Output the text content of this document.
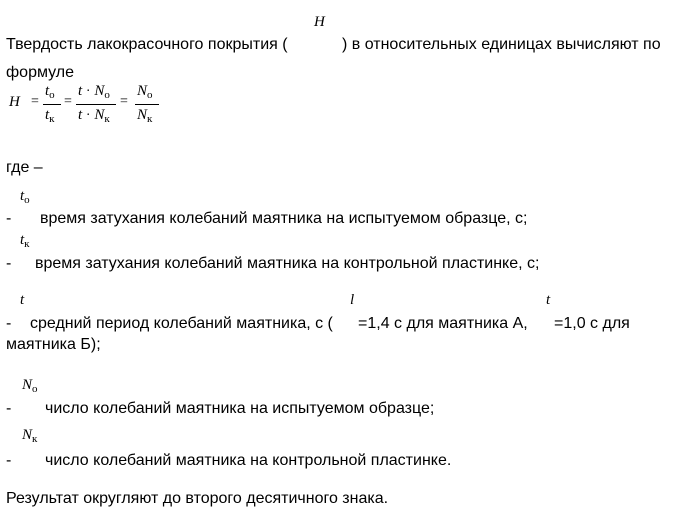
Твердость лакокрасочного покрытия (
H
) в относительных единицах вычисляют по
формуле
H =
$t_o$
$t_к$
=
$t \cdot N_o$
$t \cdot N_к$
=
$N_o$
$N_к$
где –
$t_o$
- время затухания колебаний маятника на испытуемом образце, с;
$t_к$
- время затухания колебаний маятника на контрольной пластинке, с;
t
- средний период колебаний маятника, с (
l
=1,4 с для маятника А,
t
=1,0 с для
маятника Б);
$N_o$
- число колебаний маятника на испытуемом образце;
$N_к$
- число колебаний маятника на контрольной пластинке.
Результат округляют до второго десятичного знака.
